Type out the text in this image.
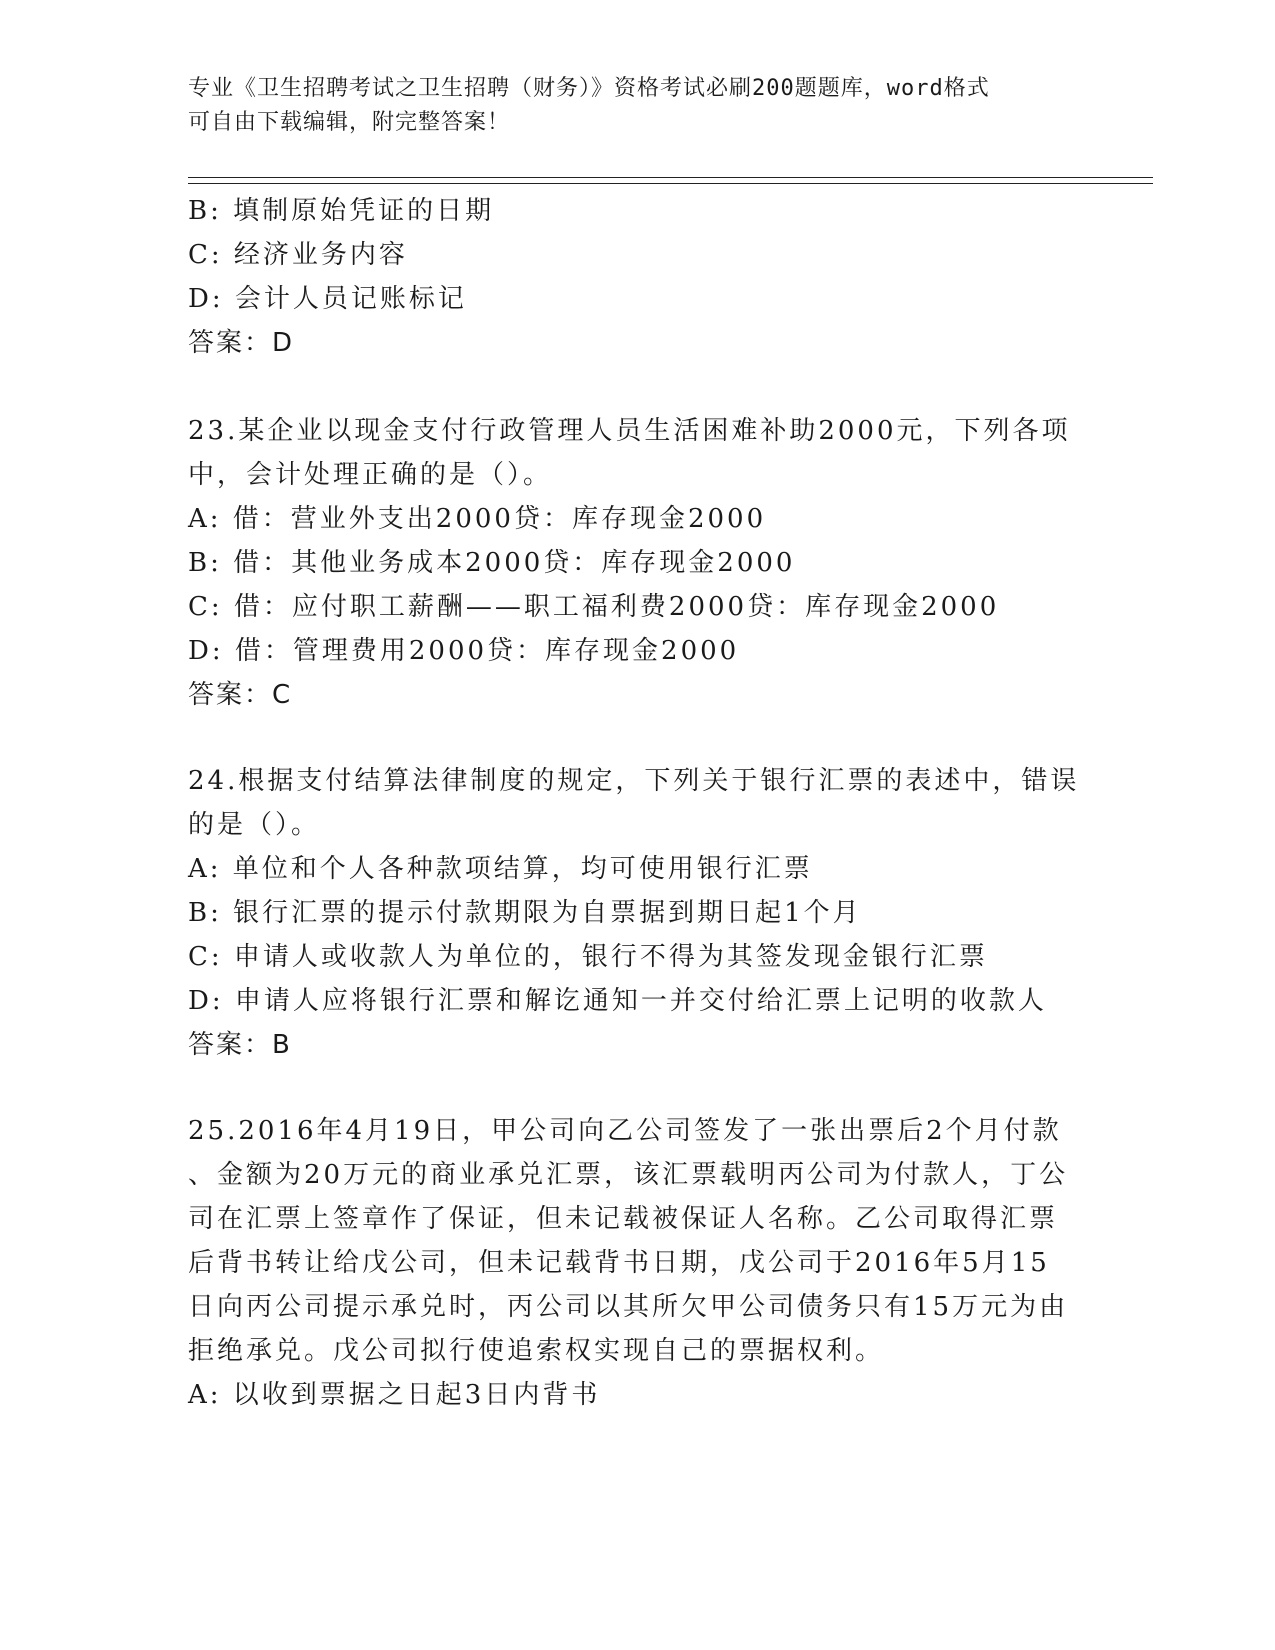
专业《卫生招聘考试之卫生招聘（财务）》资格考试必刷200题题库，word格式
可自由下载编辑，附完整答案！
B: 填制原始凭证的日期
C: 经济业务内容
D: 会计人员记账标记
答案：D
23.某企业以现金支付行政管理人员生活困难补助2000元，下列各项
中，会计处理正确的是（）。
A: 借：营业外支出2000贷：库存现金2000
B: 借：其他业务成本2000贷：库存现金2000
C: 借：应付职工薪酬——职工福利费2000贷：库存现金2000
D: 借：管理费用2000贷：库存现金2000
答案：C
24.根据支付结算法律制度的规定，下列关于银行汇票的表述中，错误
的是（）。
A: 单位和个人各种款项结算，均可使用银行汇票
B: 银行汇票的提示付款期限为自票据到期日起1个月
C: 申请人或收款人为单位的，银行不得为其签发现金银行汇票
D: 申请人应将银行汇票和解讫通知一并交付给汇票上记明的收款人
答案：B
25.2016年4月19日，甲公司向乙公司签发了一张出票后2个月付款
、金额为20万元的商业承兑汇票，该汇票载明丙公司为付款人，丁公
司在汇票上签章作了保证，但未记载被保证人名称。乙公司取得汇票
后背书转让给戊公司，但未记载背书日期，戊公司于2016年5月15
日向丙公司提示承兑时，丙公司以其所欠甲公司债务只有15万元为由
拒绝承兑。戊公司拟行使追索权实现自己的票据权利。
A: 以收到票据之日起3日内背书
